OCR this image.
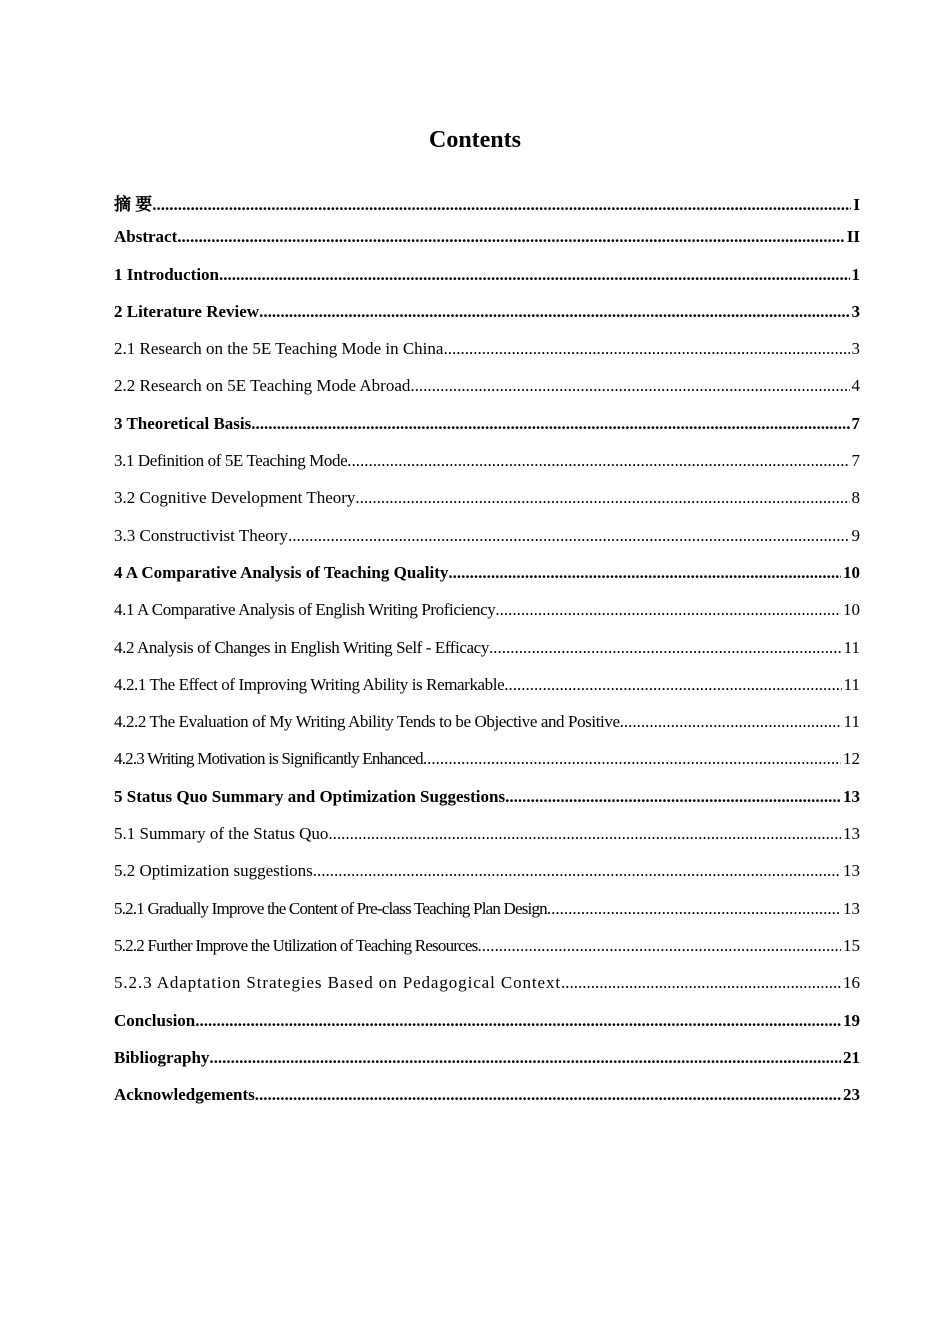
Contents
摘 要 .....	I
Abstract .....	II
1 Introduction .....	1
2 Literature Review .....	3
2.1 Research on the 5E Teaching Mode in China .....	3
2.2 Research on 5E Teaching Mode Abroad .....	4
3 Theoretical Basis .....	7
3.1 Definition of 5E Teaching Mode .....	7
3.2 Cognitive Development Theory .....	8
3.3 Constructivist Theory .....	9
4 A Comparative Analysis of Teaching Quality .....	10
4.1 A Comparative Analysis of English Writing Proficiency .....	10
4.2 Analysis of Changes in English Writing Self - Efficacy .....	11
4.2.1 The Effect of Improving Writing Ability is Remarkable .....	11
4.2.2 The Evaluation of My Writing Ability Tends to be Objective and Positive .....	11
4.2.3 Writing Motivation is Significantly Enhanced .....	12
5 Status Quo Summary and Optimization Suggestions .....	13
5.1 Summary of the Status Quo .....	13
5.2 Optimization suggestions .....	13
5.2.1 Gradually Improve the Content of Pre-class Teaching Plan Design .....	13
5.2.2 Further Improve the Utilization of Teaching Resources .....	15
5.2.3 Adaptation Strategies Based on Pedagogical Context .....	16
Conclusion .....	19
Bibliography .....	21
Acknowledgements .....	23
